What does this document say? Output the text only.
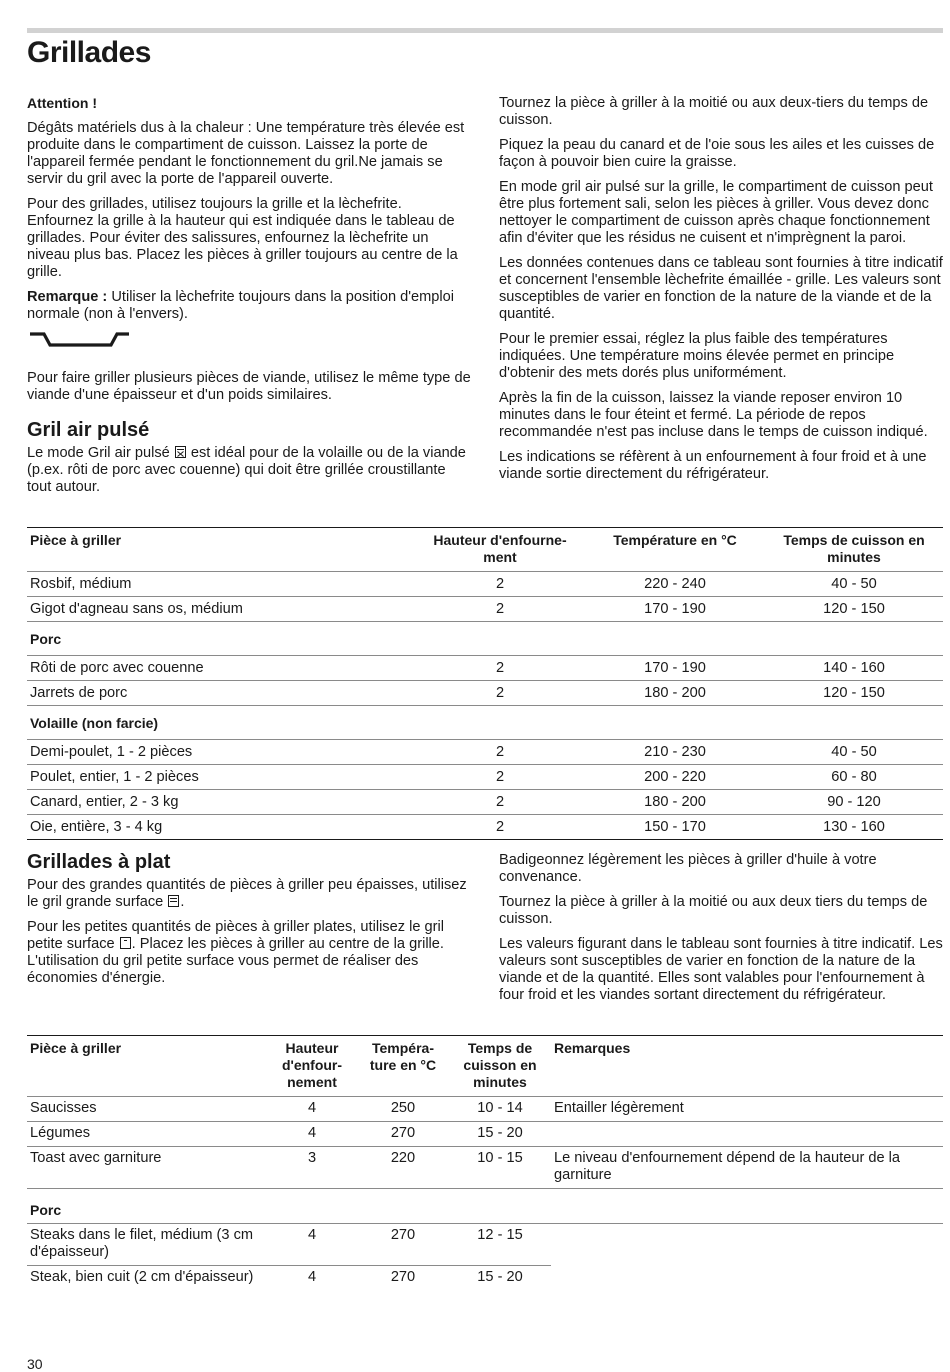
Grillades

Attention !

Dégâts matériels dus à la chaleur : Une température très élevée est produite dans le compartiment de cuisson. Laissez la porte de l'appareil fermée pendant le fonctionnement du gril.Ne jamais se servir du gril avec la porte de l'appareil ouverte.

Pour des grillades, utilisez toujours la grille et la lèchefrite. Enfournez la grille à la hauteur qui est indiquée dans le tableau de grillades. Pour éviter des salissures, enfournez la lèchefrite un niveau plus bas. Placez les pièces à griller toujours au centre de la grille.

Remarque : Utiliser la lèchefrite toujours dans la position d'emploi normale (non à l'envers).

Pour faire griller plusieurs pièces de viande, utilisez le même type de viande d'une épaisseur et d'un poids similaires.

Gril air pulsé

Le mode Gril air pulsé
est idéal pour de la volaille ou de la viande (p.ex. rôti de porc avec couenne) qui doit être grillée croustillante tout autour.

Tournez la pièce à griller à la moitié ou aux deux-tiers du temps de cuisson.

Piquez la peau du canard et de l'oie sous les ailes et les cuisses de façon à pouvoir bien cuire la graisse.

En mode gril air pulsé sur la grille, le compartiment de cuisson peut être plus fortement sali, selon les pièces à griller. Vous devez donc nettoyer le compartiment de cuisson après chaque fonctionnement afin d'éviter que les résidus ne cuisent et n'imprègnent la paroi.

Les données contenues dans ce tableau sont fournies à titre indicatif et concernent l'ensemble lèchefrite émaillée - grille. Les valeurs sont susceptibles de varier en fonction de la nature de la viande et de la quantité.

Pour le premier essai, réglez la plus faible des températures indiquées. Une température moins élevée permet en principe d'obtenir des mets dorés plus uniformément.

Après la fin de la cuisson, laissez la viande reposer environ 10 minutes dans le four éteint et fermé. La période de repos recommandée n'est pas incluse dans le temps de cuisson indiqué.

Les indications se réfèrent à un enfournement à four froid et à une viande sortie directement du réfrigérateur.

Pièce à griller	Hauteur d'enfourne- ment	Température en °C	Temps de cuisson en minutes
Rosbif, médium	2	220 - 240	40 - 50
Gigot d'agneau sans os, médium	2	170 - 190	120 - 150
Porc			
Rôti de porc avec couenne	2	170 - 190	140 - 160
Jarrets de porc	2	180 - 200	120 - 150
Volaille (non farcie)			
Demi-poulet, 1 - 2 pièces	2	210 - 230	40 - 50
Poulet, entier, 1 - 2 pièces	2	200 - 220	60 - 80
Canard, entier, 2 - 3 kg	2	180 - 200	90 - 120
Oie, entière, 3 - 4 kg	2	150 - 170	130 - 160
Grillades à plat

Pour des grandes quantités de pièces à griller peu épaisses, utilisez le gril grande surface
.

Pour les petites quantités de pièces à griller plates, utilisez le gril petite surface
. Placez les pièces à griller au centre de la grille. L'utilisation du gril petite surface vous permet de réaliser des économies d'énergie.

Badigeonnez légèrement les pièces à griller d'huile à votre convenance.

Tournez la pièce à griller à la moitié ou aux deux tiers du temps de cuisson.

Les valeurs figurant dans le tableau sont fournies à titre indicatif. Les valeurs sont susceptibles de varier en fonction de la nature de la viande et de la quantité. Elles sont valables pour l'enfournement à four froid et les viandes sortant directement du réfrigérateur.

Pièce à griller	Hauteur d'enfour- nement	Tempéra- ture en °C	Temps de cuisson en minutes	Remarques
Saucisses	4	250	10 - 14	Entailler légèrement
Légumes	4	270	15 - 20	
Toast avec garniture	3	220	10 - 15	Le niveau d'enfournement dépend de la hauteur de la garniture
Porc				
Steaks dans le filet, médium (3 cm d'épaisseur)	4	270	12 - 15	
Steak, bien cuit (2 cm d'épaisseur)	4	270	15 - 20	
30
